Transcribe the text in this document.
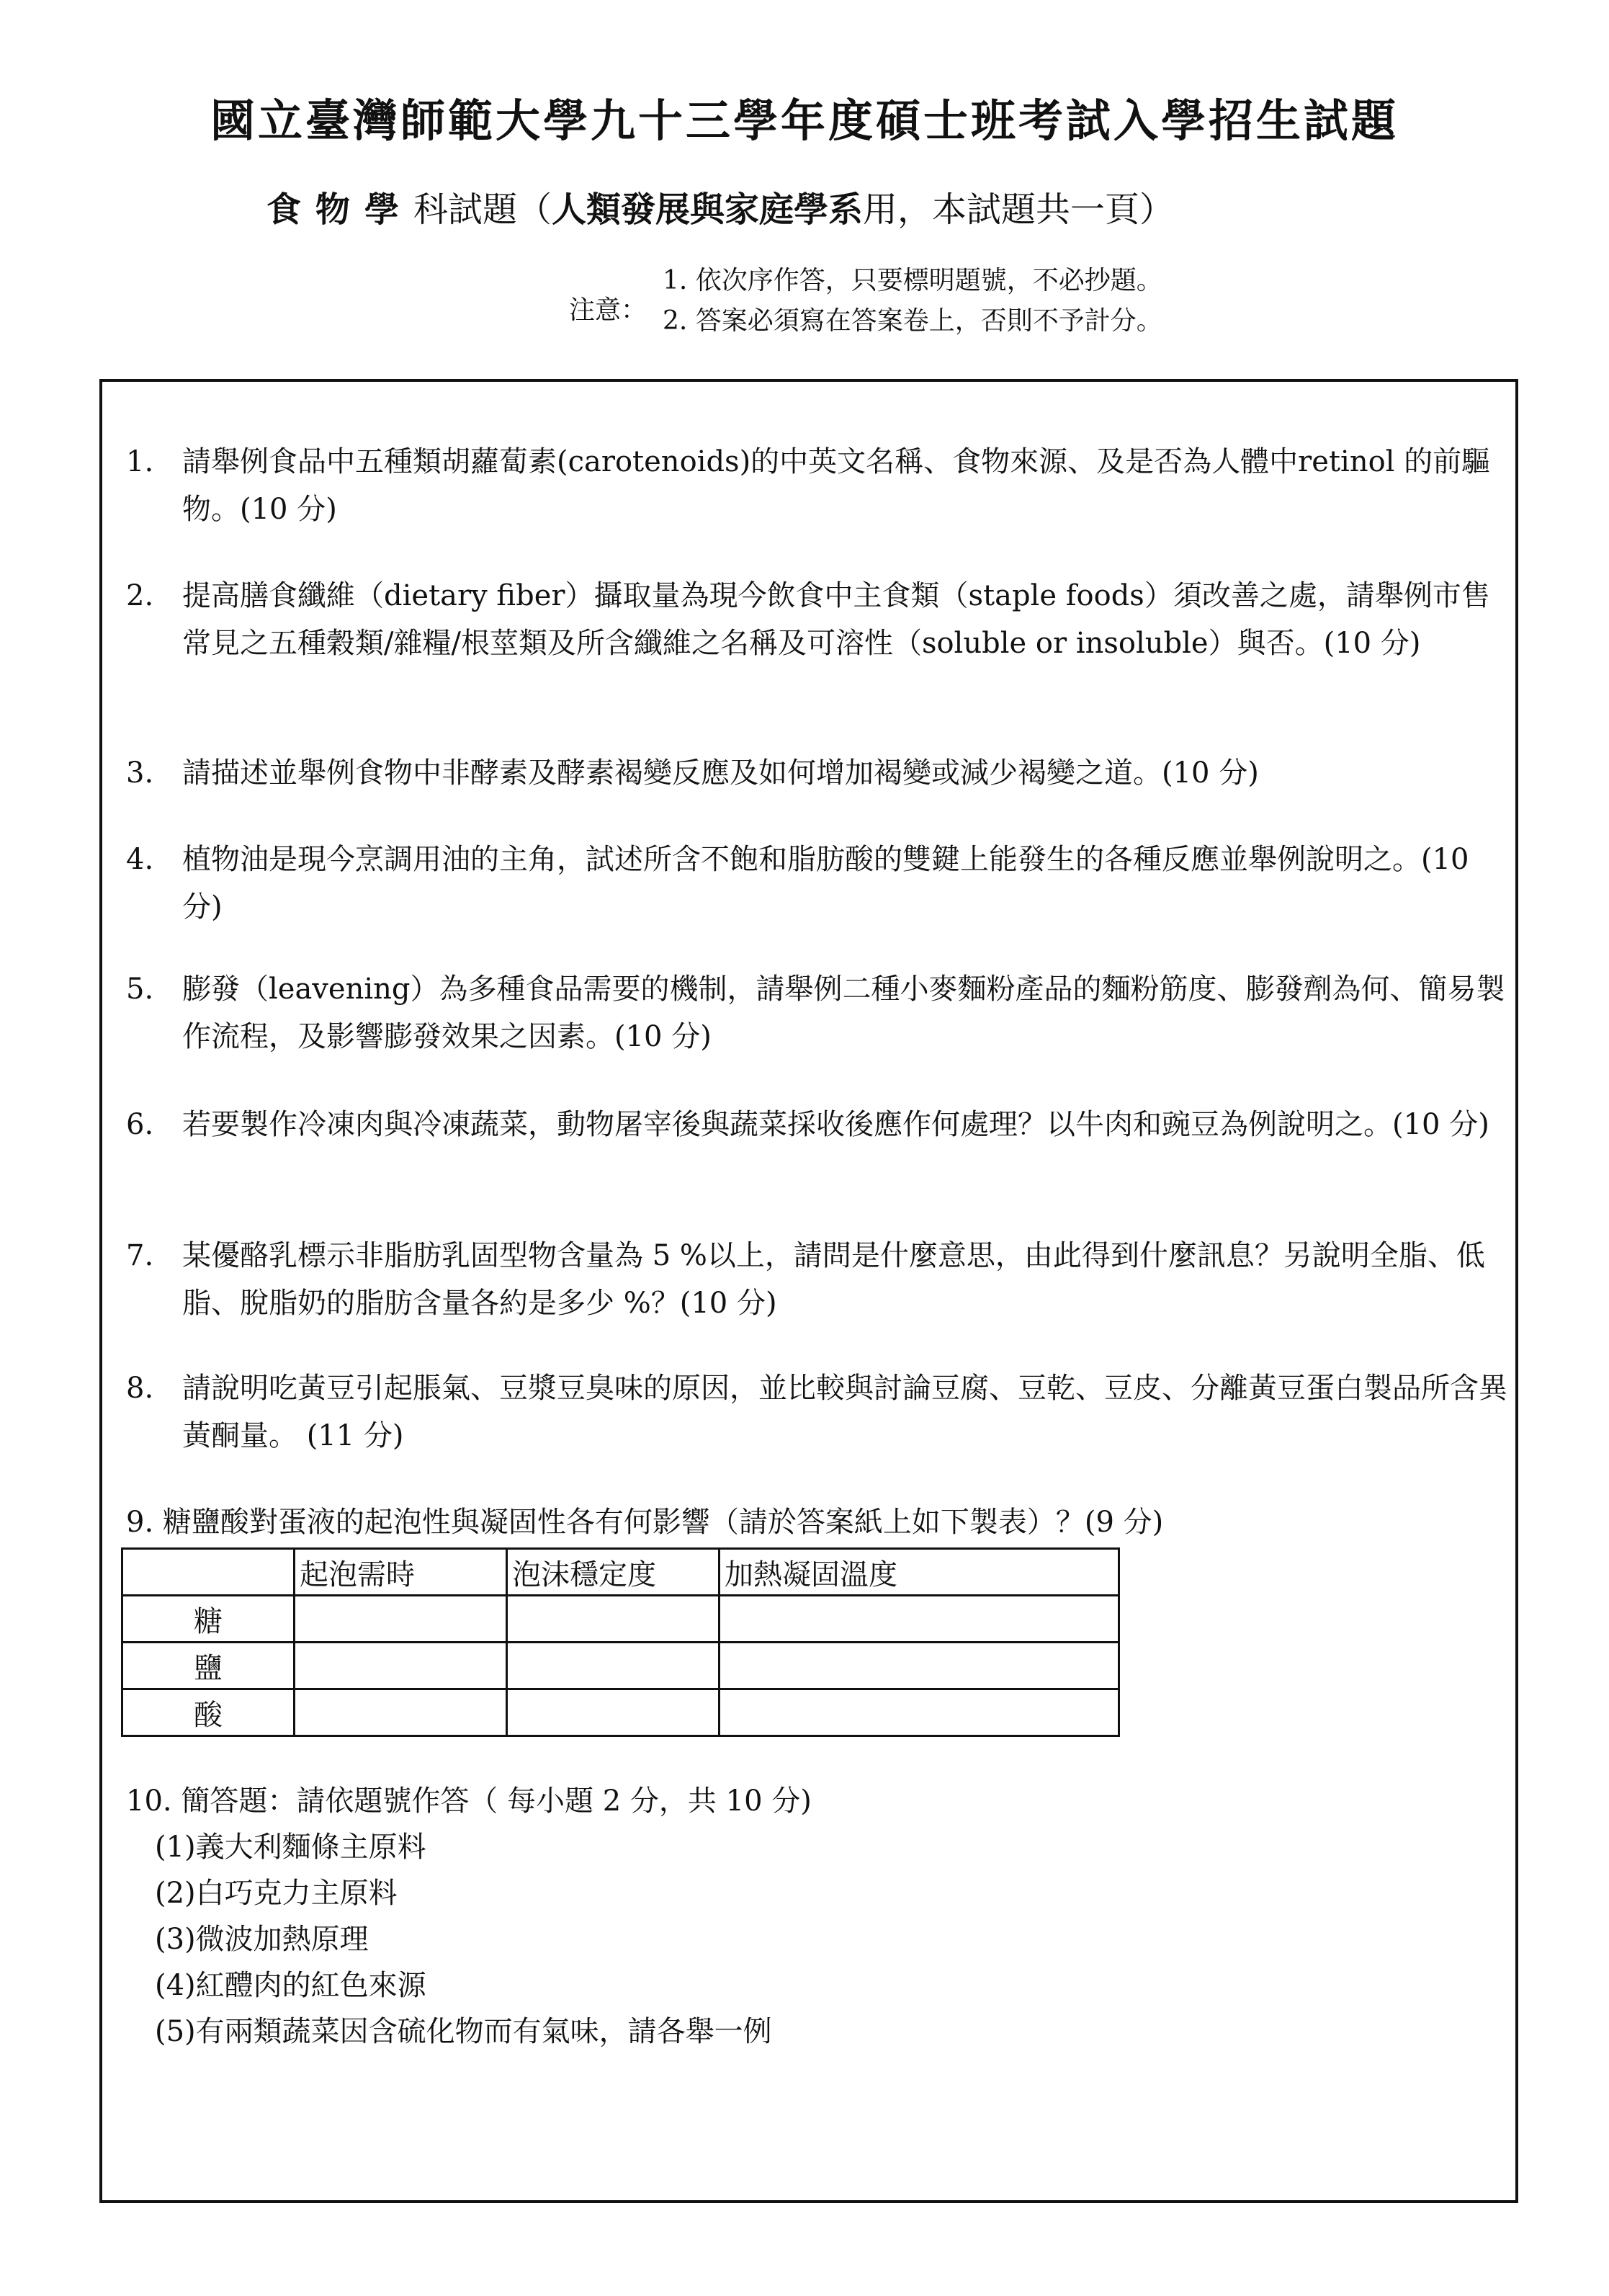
國立臺灣師範大學九十三學年度碩士班考試入學招生試題
食物學科試題（人類發展與家庭學系用，本試題共一頁）
注意：
1. 依次序作答，只要標明題號，不必抄題。
2. 答案必須寫在答案卷上，否則不予計分。
1. 請舉例食品中五種類胡蘿蔔素(carotenoids)的中英文名稱、食物來源、及是否為人體中retinol 的前驅物。(10 分)
2. 提高膳食纖維（dietary fiber）攝取量為現今飲食中主食類（staple foods）須改善之處，請舉例市售常見之五種穀類/雜糧/根莖類及所含纖維之名稱及可溶性（soluble or insoluble）與否。(10 分)
3. 請描述並舉例食物中非酵素及酵素褐變反應及如何增加褐變或減少褐變之道。(10 分)
4. 植物油是現今烹調用油的主角，試述所含不飽和脂肪酸的雙鍵上能發生的各種反應並舉例說明之。(10 分)
5. 膨發（leavening）為多種食品需要的機制，請舉例二種小麥麵粉產品的麵粉筋度、膨發劑為何、簡易製作流程，及影響膨發效果之因素。(10 分)
6. 若要製作冷凍肉與冷凍蔬菜，動物屠宰後與蔬菜採收後應作何處理？以牛肉和豌豆為例說明之。(10 分)
7. 某優酪乳標示非脂肪乳固型物含量為 5 %以上，請問是什麼意思，由此得到什麼訊息？另說明全脂、低脂、脫脂奶的脂肪含量各約是多少 %？(10 分)
8. 請說明吃黃豆引起脹氣、豆漿豆臭味的原因，並比較與討論豆腐、豆乾、豆皮、分離黃豆蛋白製品所含異黃酮量。 (11 分)
9. 糖鹽酸對蛋液的起泡性與凝固性各有何影響（請於答案紙上如下製表）？(9 分)
	起泡需時	泡沫穩定度	加熱凝固溫度
糖			
鹽			
酸			
10. 簡答題：請依題號作答（ 每小題 2 分，共 10 分)
(1)義大利麵條主原料
(2)白巧克力主原料
(3)微波加熱原理
(4)紅醴肉的紅色來源
(5)有兩類蔬菜因含硫化物而有氣味，請各舉一例
